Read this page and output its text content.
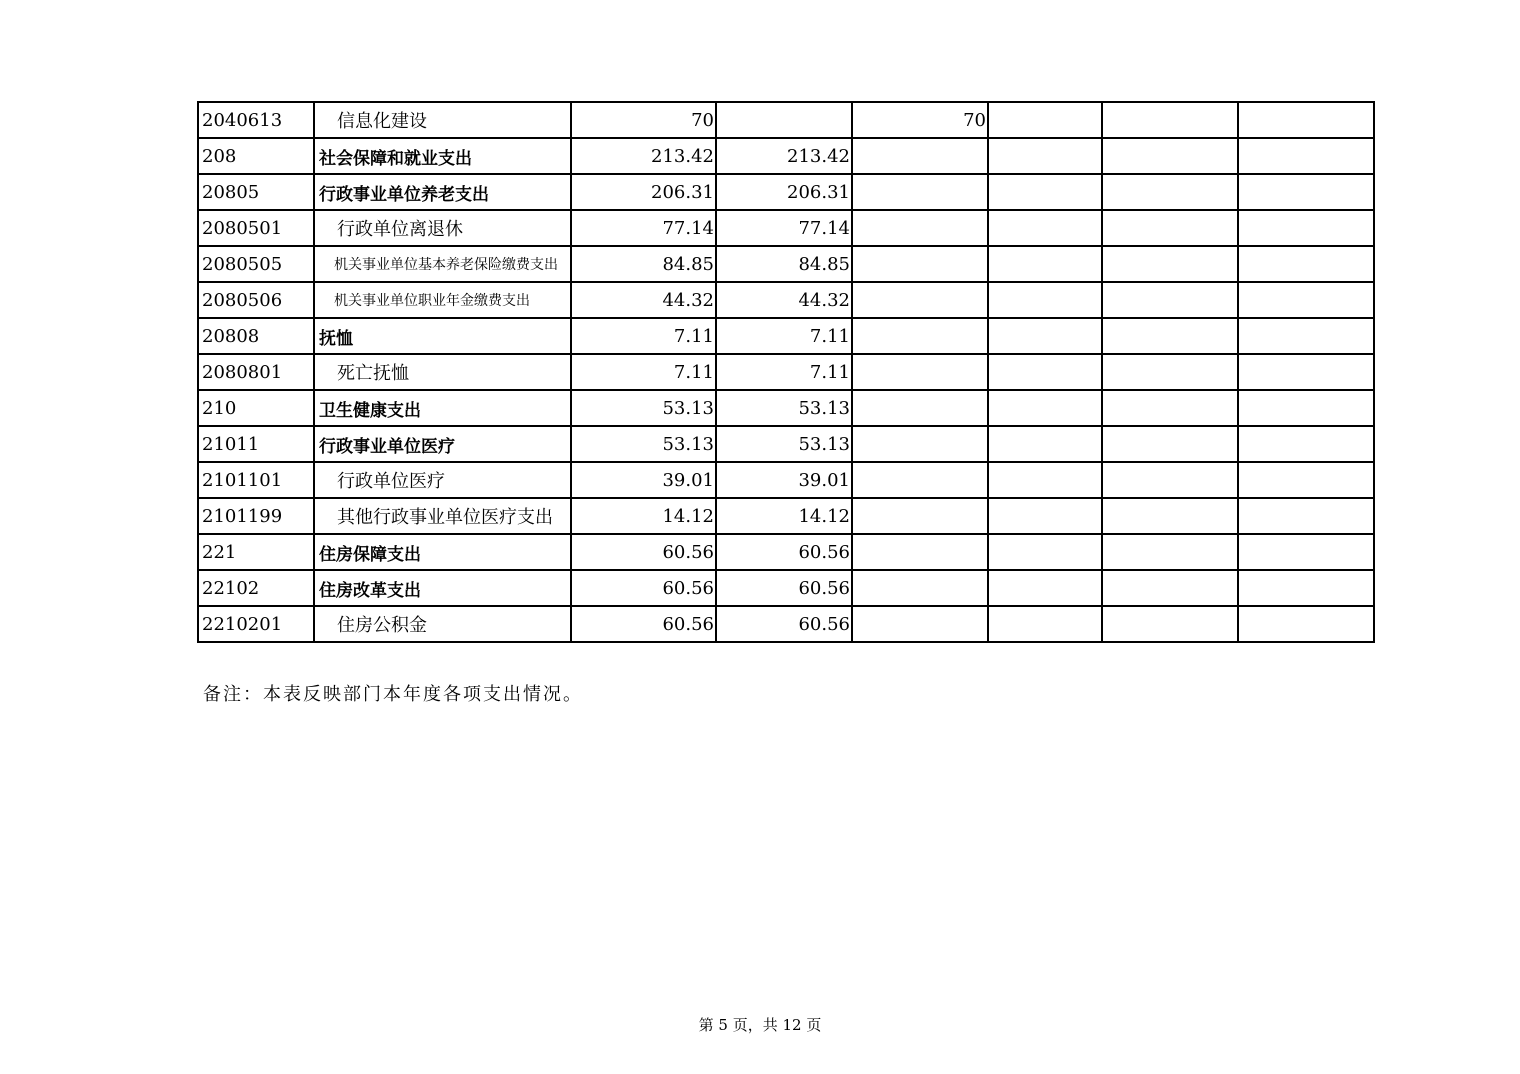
2040613	信息化建设	70		70			
208	社会保障和就业支出	213.42	213.42				
20805	行政事业单位养老支出	206.31	206.31				
2080501	行政单位离退休	77.14	77.14				
2080505	机关事业单位基本养老保险缴费支出	84.85	84.85				
2080506	机关事业单位职业年金缴费支出	44.32	44.32				
20808	抚恤	7.11	7.11				
2080801	死亡抚恤	7.11	7.11				
210	卫生健康支出	53.13	53.13				
21011	行政事业单位医疗	53.13	53.13				
2101101	行政单位医疗	39.01	39.01				
2101199	其他行政事业单位医疗支出	14.12	14.12				
221	住房保障支出	60.56	60.56				
22102	住房改革支出	60.56	60.56				
2210201	住房公积金	60.56	60.56				
备注：本表反映部门本年度各项支出情况。
第 5 页，共 12 页
